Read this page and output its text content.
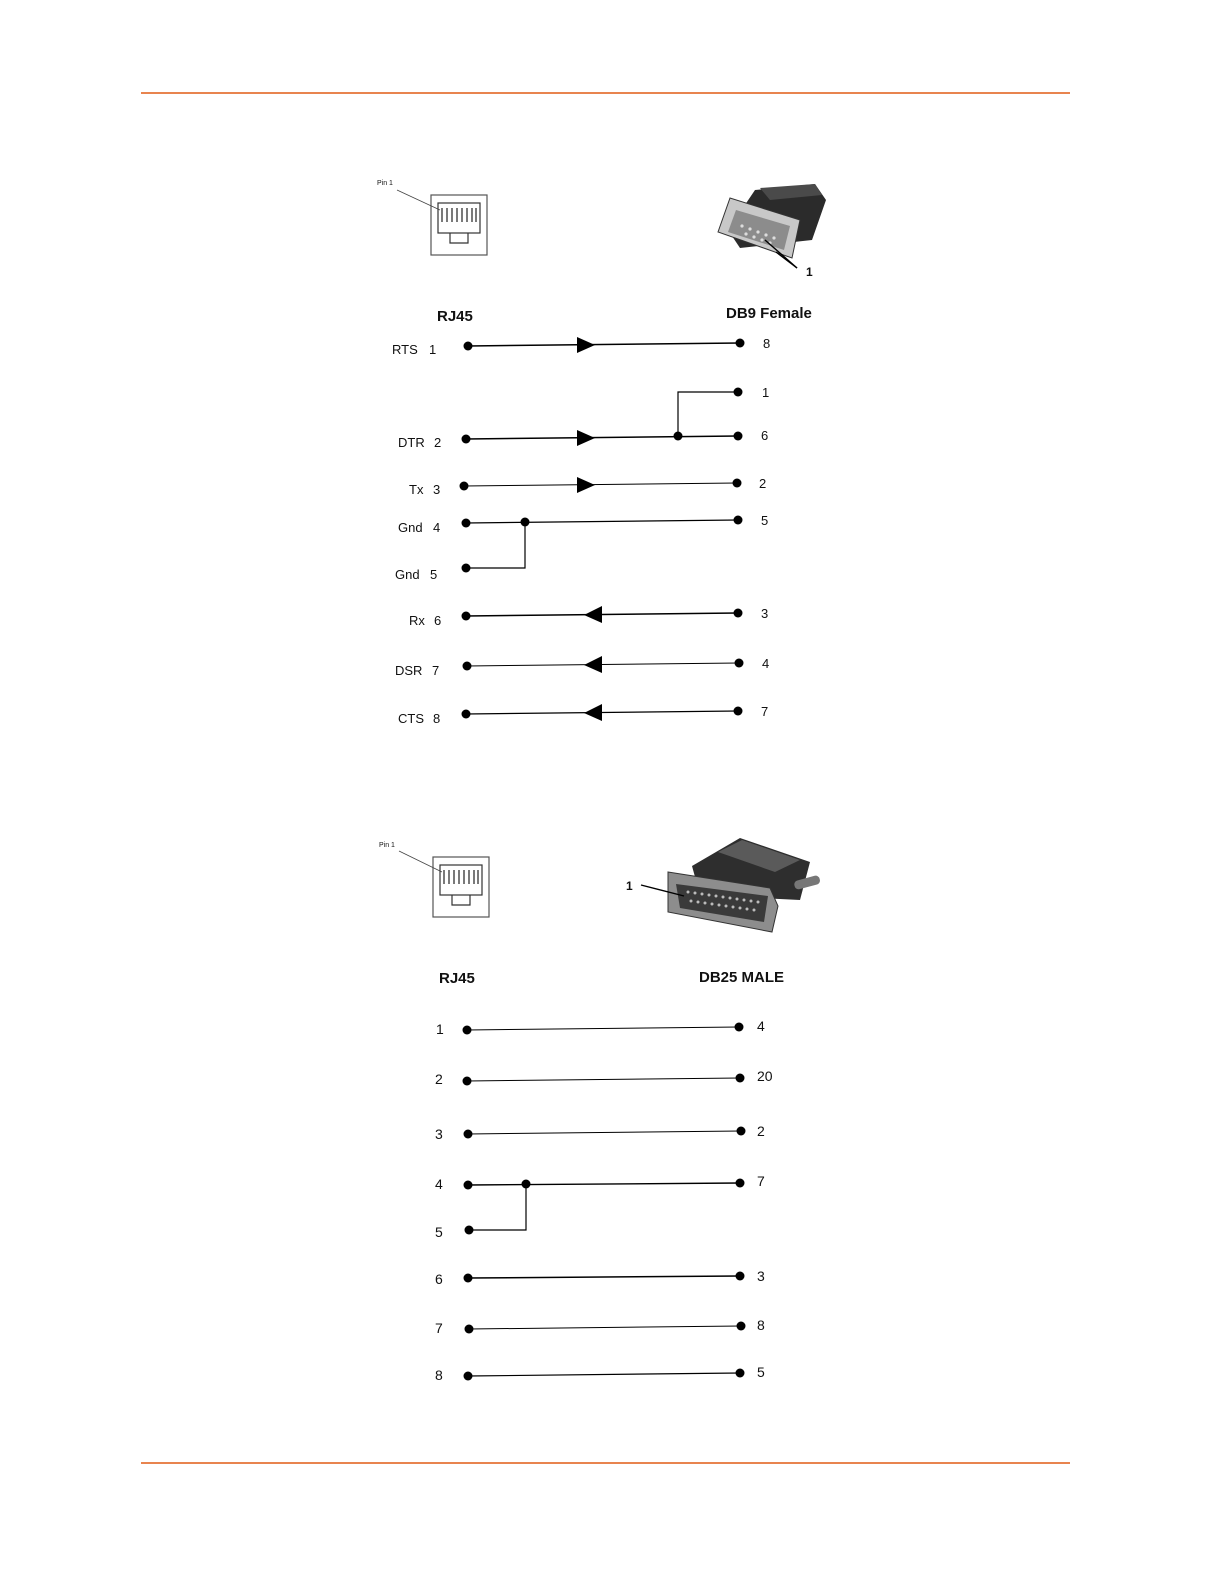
Pin 1
1
RJ45	DB9 Female
RTS 1
DTR 2
Tx 3
Gnd 4
Gnd 5
Rx 6
DSR 7
CTS 8
8
1
6
2
5
3
4
7
Pin 1
1
RJ45	DB25 MALE
1
2
3
4
5
6
7
8
4
20
2
7
3
8
5
